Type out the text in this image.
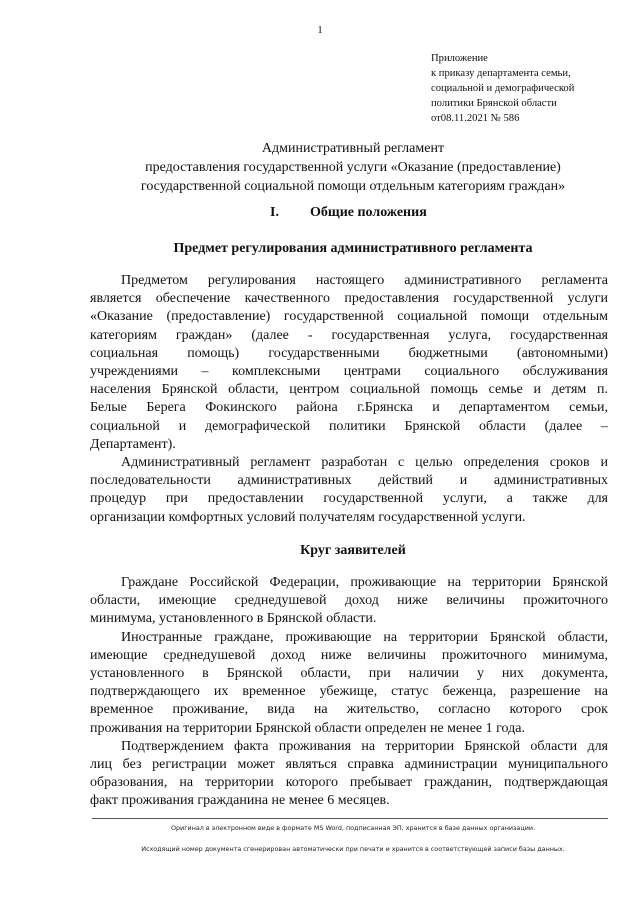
1
Приложение
к приказу департамента семьи,
социальной и демографической
политики Брянской области
от08.11.2021 № 586
Административный регламент
предоставления государственной услуги «Оказание (предоставление)
государственной социальной помощи отдельным категориям граждан»
I. Общие положения
Предмет регулирования административного регламента
Предметом регулирования настоящего административного регламента
является обеспечение качественного предоставления государственной услуги
«Оказание (предоставление) государственной социальной помощи отдельным
категориям граждан» (далее - государственная услуга, государственная
социальная помощь) государственными бюджетными (автономными)
учреждениями – комплексными центрами социального обслуживания
населения Брянской области, центром социальной помощь семье и детям п.
Белые Берега Фокинского района г.Брянска и департаментом семьи,
социальной и демографической политики Брянской области (далее –
Департамент).
Административный регламент разработан с целью определения сроков и
последовательности административных действий и административных
процедур при предоставлении государственной услуги, а также для
организации комфортных условий получателям государственной услуги.
Круг заявителей
Граждане Российской Федерации, проживающие на территории Брянской
области, имеющие среднедушевой доход ниже величины прожиточного
минимума, установленного в Брянской области.
Иностранные граждане, проживающие на территории Брянской области,
имеющие среднедушевой доход ниже величины прожиточного минимума,
установленного в Брянской области, при наличии у них документа,
подтверждающего их временное убежище, статус беженца, разрешение на
временное проживание, вида на жительство, согласно которого срок
проживания на территории Брянской области определен не менее 1 года.
Подтверждением факта проживания на территории Брянской области для
лиц без регистрации может являться справка администрации муниципального
образования, на территории которого пребывает гражданин, подтверждающая
факт проживания гражданина не менее 6 месяцев.
Оригинал в электронном виде в формате MS Word, подписанная ЭП, хранится в базе данных организации.
Исходящий номер документа сгенерирован автоматически при печати и хранится в соответствующей записи базы данных.
